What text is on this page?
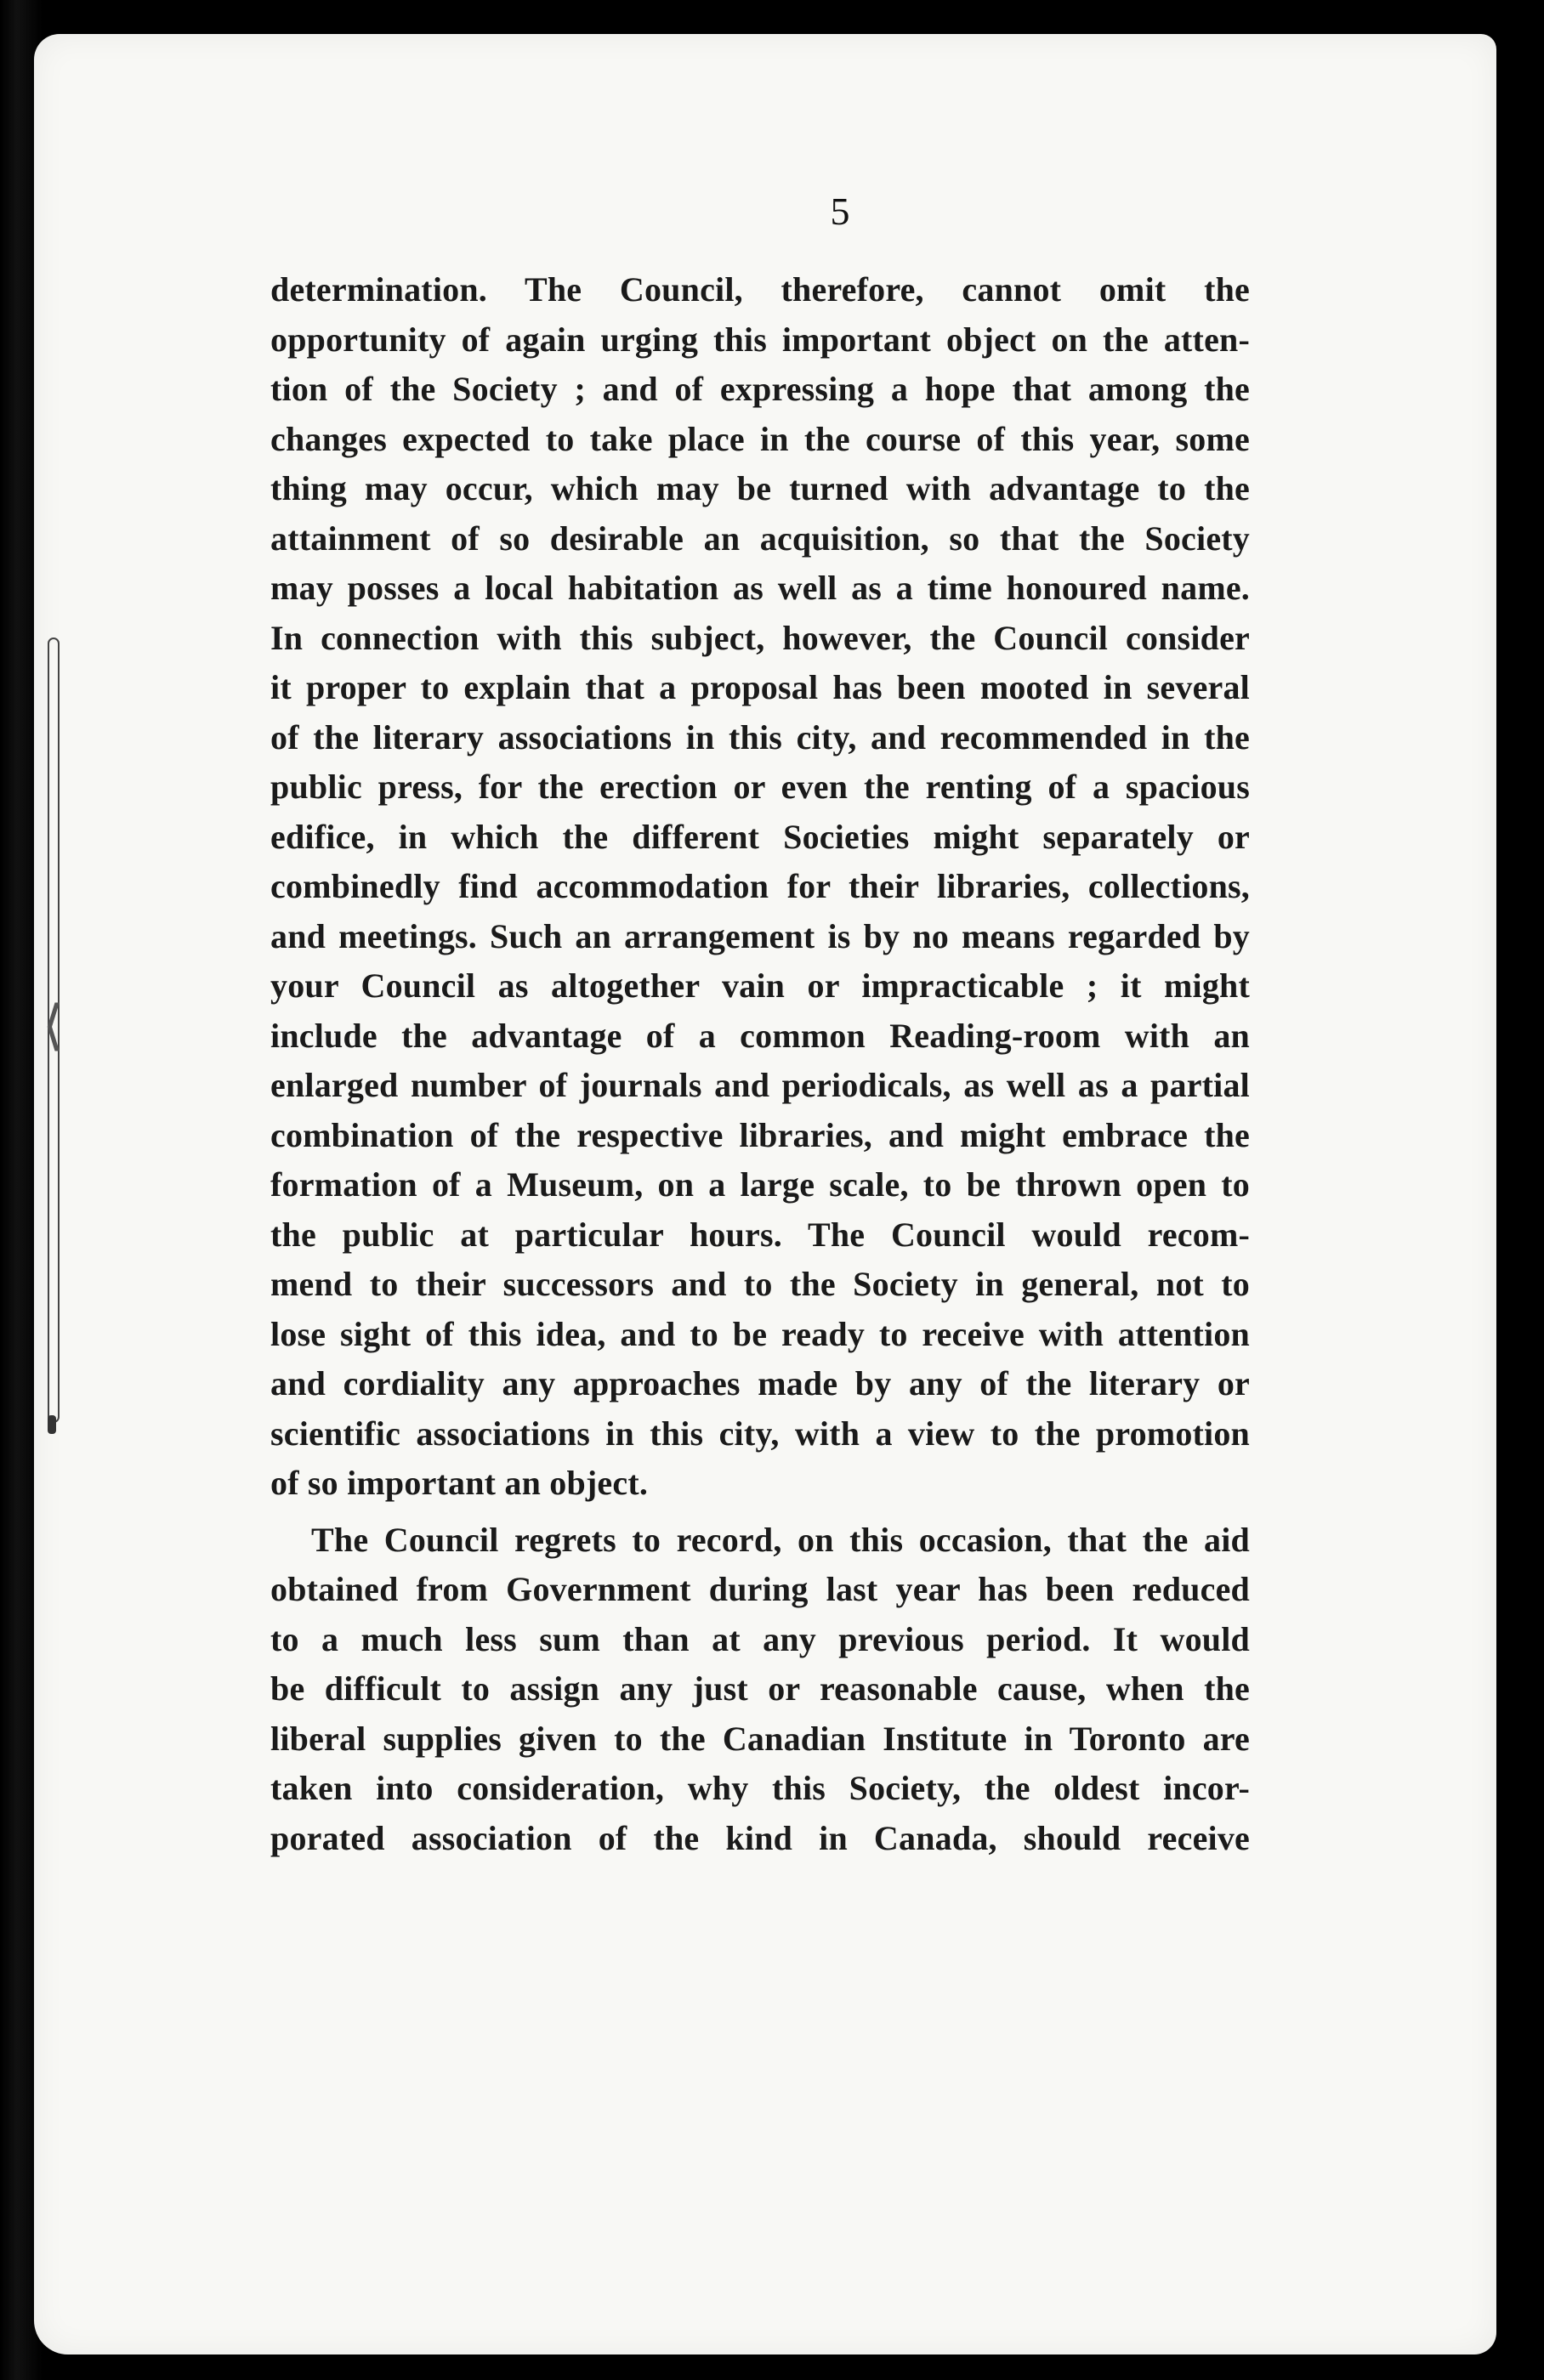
⟨
5
determination. The Council, therefore, cannot omit the
opportunity of again urging this important object on the atten-
tion of the Society ; and of expressing a hope that among the
changes expected to take place in the course of this year, some
thing may occur, which may be turned with advantage to the
attainment of so desirable an acquisition, so that the Society
may posses a local habitation as well as a time honoured name.
In connection with this subject, however, the Council consider
it proper to explain that a proposal has been mooted in several
of the literary associations in this city, and recommended in the
public press, for the erection or even the renting of a spacious
edifice, in which the different Societies might separately or
combinedly find accommodation for their libraries, collections,
and meetings. Such an arrangement is by no means regarded by
your Council as altogether vain or impracticable ; it might
include the advantage of a common Reading-room with an
enlarged number of journals and periodicals, as well as a partial
combination of the respective libraries, and might embrace the
formation of a Museum, on a large scale, to be thrown open to
the public at particular hours. The Council would recom-
mend to their successors and to the Society in general, not to
lose sight of this idea, and to be ready to receive with attention
and cordiality any approaches made by any of the literary or
scientific associations in this city, with a view to the promotion
of so important an object.
The Council regrets to record, on this occasion, that the aid
obtained from Government during last year has been reduced
to a much less sum than at any previous period. It would
be difficult to assign any just or reasonable cause, when the
liberal supplies given to the Canadian Institute in Toronto are
taken into consideration, why this Society, the oldest incor-
porated association of the kind in Canada, should receive
